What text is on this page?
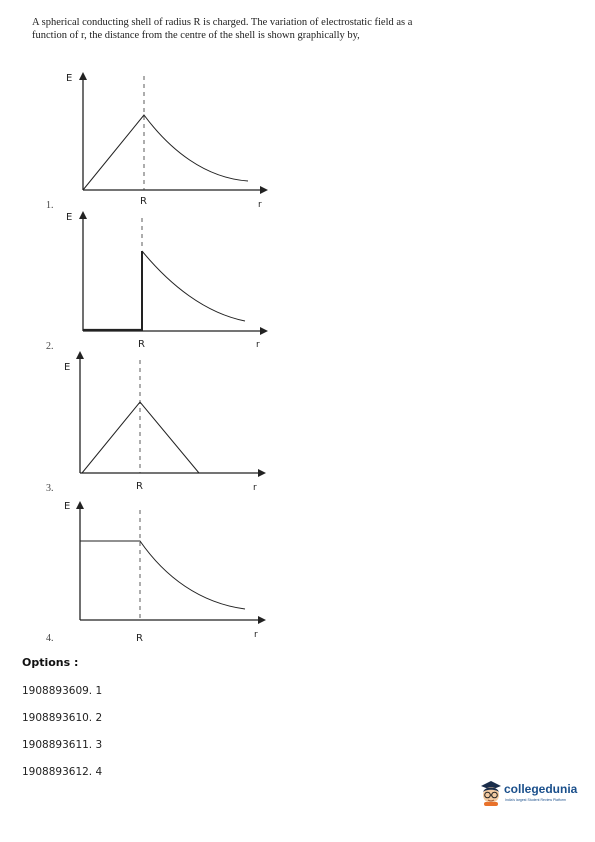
A spherical conducting shell of radius R is charged. The variation of electrostatic field as a
function of r, the distance from the centre of the shell is shown graphically by,
E
R	r
E
R	r
E
R	r
E
R	r
1.
2.
3.
4.
Options :
1908893609. 1
1908893610. 2
1908893611. 3
1908893612. 4
collegedunia
India's largest Student Review Platform
